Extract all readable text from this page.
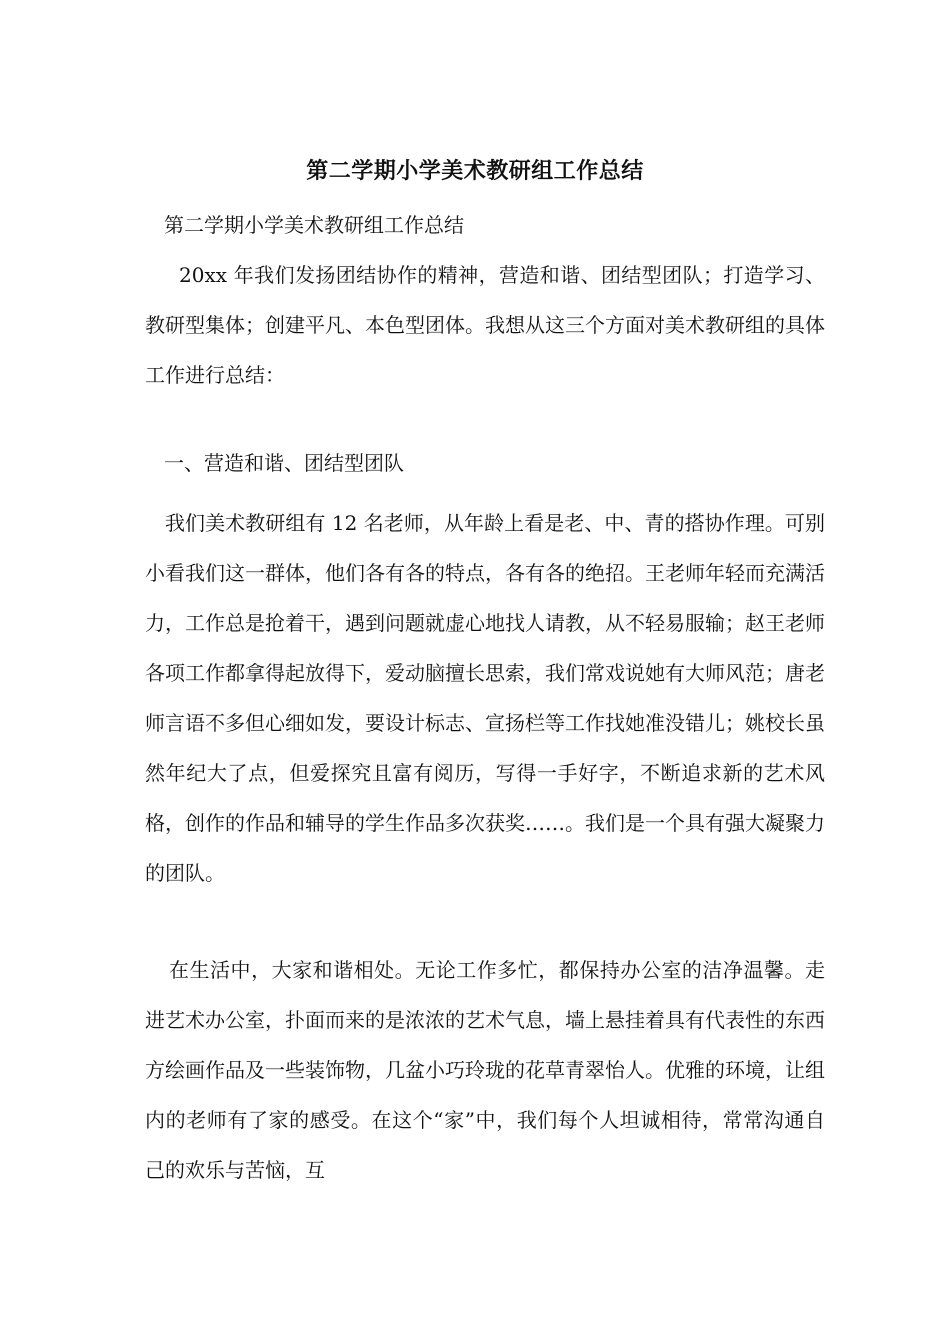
第二学期小学美术教研组工作总结
第二学期小学美术教研组工作总结
20xx 年我们发扬团结协作的精神，营造和谐、团结型团队；打造学习、教研型集体；创建平凡、本色型团体。我想从这三个方面对美术教研组的具体工作进行总结：
一、营造和谐、团结型团队
我们美术教研组有 12 名老师，从年龄上看是老、中、青的搭协作理。可别小看我们这一群体，他们各有各的特点，各有各的绝招。王老师年轻而充满活力，工作总是抢着干，遇到问题就虚心地找人请教，从不轻易服输；赵王老师各项工作都拿得起放得下，爱动脑擅长思索，我们常戏说她有大师风范；唐老师言语不多但心细如发，要设计标志、宣扬栏等工作找她准没错儿；姚校长虽然年纪大了点，但爱探究且富有阅历，写得一手好字，不断追求新的艺术风格，创作的作品和辅导的学生作品多次获奖……。我们是一个具有强大凝聚力的团队。
在生活中，大家和谐相处。无论工作多忙，都保持办公室的洁净温馨。走进艺术办公室，扑面而来的是浓浓的艺术气息，墙上悬挂着具有代表性的东西方绘画作品及一些装饰物，几盆小巧玲珑的花草青翠怡人。优雅的环境，让组内的老师有了家的感受。在这个“家”中，我们每个人坦诚相待，常常沟通自己的欢乐与苦恼，互
